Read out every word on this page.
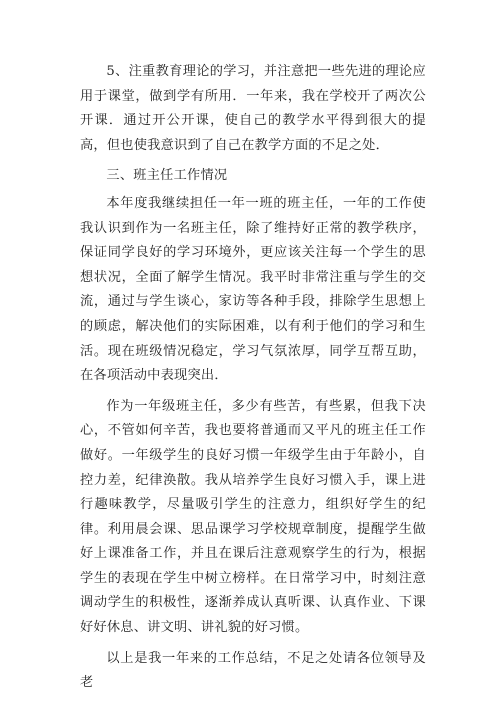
5、注重教育理论的学习，并注意把一些先进的理论应用于课堂，做到学有所用．一年来，我在学校开了两次公开课．通过开公开课，使自己的教学水平得到很大的提高，但也使我意识到了自己在教学方面的不足之处．

三、班主任工作情况

本年度我继续担任一年一班的班主任，一年的工作使我认识到作为一名班主任，除了维持好正常的教学秩序，保证同学良好的学习环境外，更应该关注每一个学生的思想状况，全面了解学生情况。我平时非常注重与学生的交流，通过与学生谈心，家访等各种手段，排除学生思想上的顾虑，解决他们的实际困难，以有利于他们的学习和生活。现在班级情况稳定，学习气氛浓厚，同学互帮互助，在各项活动中表现突出．

作为一年级班主任，多少有些苦，有些累，但我下决心，不管如何辛苦，我也要将普通而又平凡的班主任工作做好。一年级学生的良好习惯一年级学生由于年龄小，自控力差，纪律涣散。我从培养学生良好习惯入手，课上进行趣味教学，尽量吸引学生的注意力，组织好学生的纪律。利用晨会课、思品课学习学校规章制度，提醒学生做好上课准备工作，并且在课后注意观察学生的行为，根据学生的表现在学生中树立榜样。在日常学习中，时刻注意调动学生的积极性，逐渐养成认真听课、认真作业、下课好好休息、讲文明、讲礼貌的好习惯。

以上是我一年来的工作总结，不足之处请各位领导及老
